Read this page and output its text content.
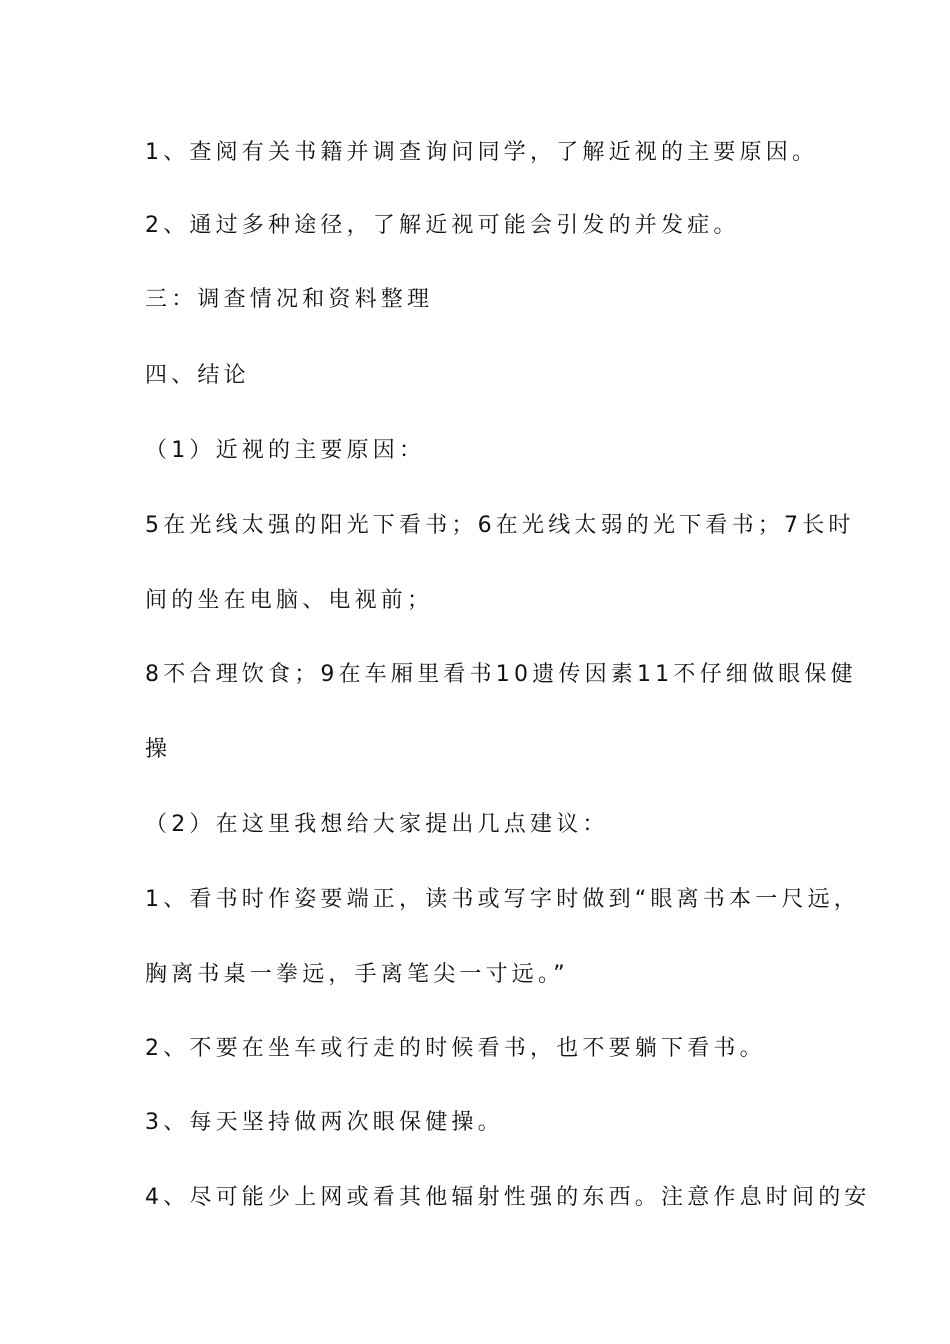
1、查阅有关书籍并调查询问同学，了解近视的主要原因。
2、通过多种途径，了解近视可能会引发的并发症。
三：调查情况和资料整理
四、结论
（1）近视的主要原因：
5在光线太强的阳光下看书；6在光线太弱的光下看书；7长时
间的坐在电脑、电视前；
8不合理饮食；9在车厢里看书10遗传因素11不仔细做眼保健
操
（2）在这里我想给大家提出几点建议：
1、看书时作姿要端正，读书或写字时做到“眼离书本一尺远，
胸离书桌一拳远，手离笔尖一寸远。”
2、不要在坐车或行走的时候看书，也不要躺下看书。
3、每天坚持做两次眼保健操。
4、尽可能少上网或看其他辐射性强的东西。注意作息时间的安
